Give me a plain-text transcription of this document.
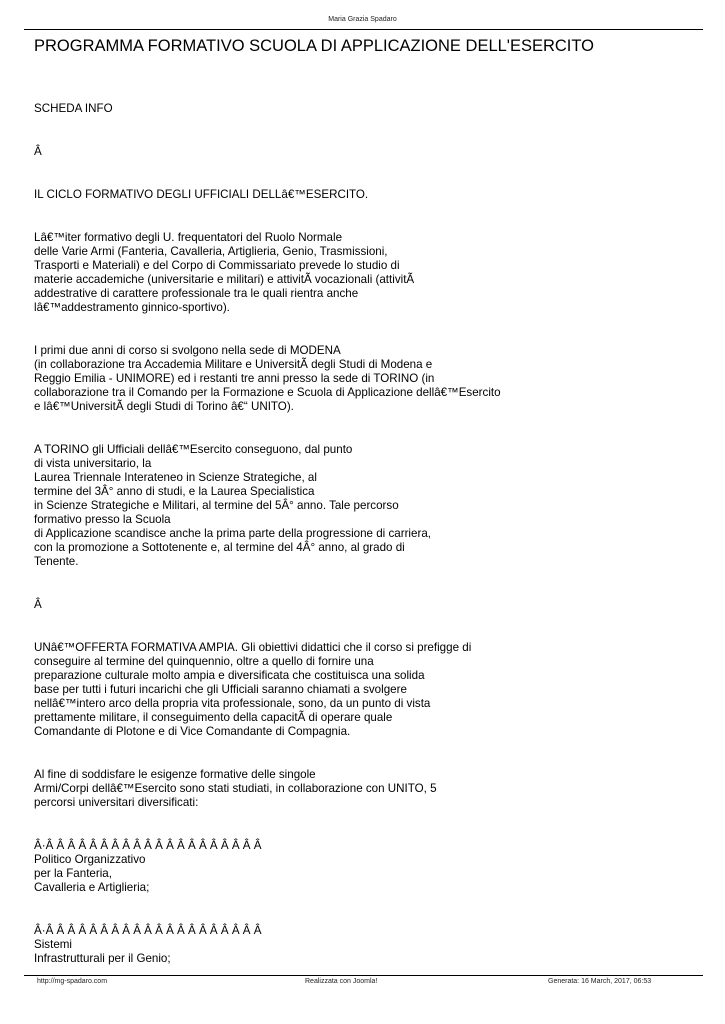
Maria Grazia Spadaro
PROGRAMMA FORMATIVO SCUOLA DI APPLICAZIONE DELL'ESERCITO

SCHEDA INFO

Â

IL CICLO FORMATIVO DEGLI UFFICIALI DELLâ€™ESERCITO.

Lâ€™iter formativo degli U. frequentatori del Ruolo Normale
delle Varie Armi (Fanteria, Cavalleria, Artiglieria, Genio, Trasmissioni,
Trasporti e Materiali) e del Corpo di Commissariato prevede lo studio di
materie accademiche (universitarie e militari) e attivitÃ vocazionali (attivitÃ
addestrative di carattere professionale tra le quali rientra anche
lâ€™addestramento ginnico-sportivo).

I primi due anni di corso si svolgono nella sede di MODENA
(in collaborazione tra Accademia Militare e UniversitÃ degli Studi di Modena e
Reggio Emilia - UNIMORE) ed i restanti tre anni presso la sede di TORINO (in
collaborazione tra il Comando per la Formazione e Scuola di Applicazione dellâ€™Esercito
e lâ€™UniversitÃ degli Studi di Torino â€“ UNITO).

A TORINO gli Ufficiali dellâ€™Esercito conseguono, dal punto
di vista universitario, la
Laurea Triennale Interateneo in Scienze Strategiche, al
termine del 3Â° anno di studi, e la Laurea Specialistica
in Scienze Strategiche e Militari, al termine del 5Â° anno. Tale percorso
formativo presso la Scuola
di Applicazione scandisce anche la prima parte della progressione di carriera,
con la promozione a Sottotenente e, al termine del 4Â° anno, al grado di
Tenente.

Â

UNâ€™OFFERTA FORMATIVA AMPIA. Gli obiettivi didattici che il corso si prefigge di
conseguire al termine del quinquennio, oltre a quello di fornire una
preparazione culturale molto ampia e diversificata che costituisca una solida
base per tutti i futuri incarichi che gli Ufficiali saranno chiamati a svolgere
nellâ€™intero arco della propria vita professionale, sono, da un punto di vista
prettamente militare, il conseguimento della capacitÃ di operare quale
Comandante di Plotone e di Vice Comandante di Compagnia.

Al fine di soddisfare le esigenze formative delle singole
Armi/Corpi dellâ€™Esercito sono stati studiati, in collaborazione con UNITO, 5
percorsi universitari diversificati:

Â·Â Â Â Â Â Â Â Â Â Â Â Â Â Â Â Â Â Â Â Â
Politico Organizzativo
per la Fanteria,
Cavalleria e Artiglieria;

Â·Â Â Â Â Â Â Â Â Â Â Â Â Â Â Â Â Â Â Â Â
Sistemi
Infrastrutturali per il Genio;

http://mg-spadaro.com	Realizzata con Joomla!	Generata: 16 March, 2017, 06:53
